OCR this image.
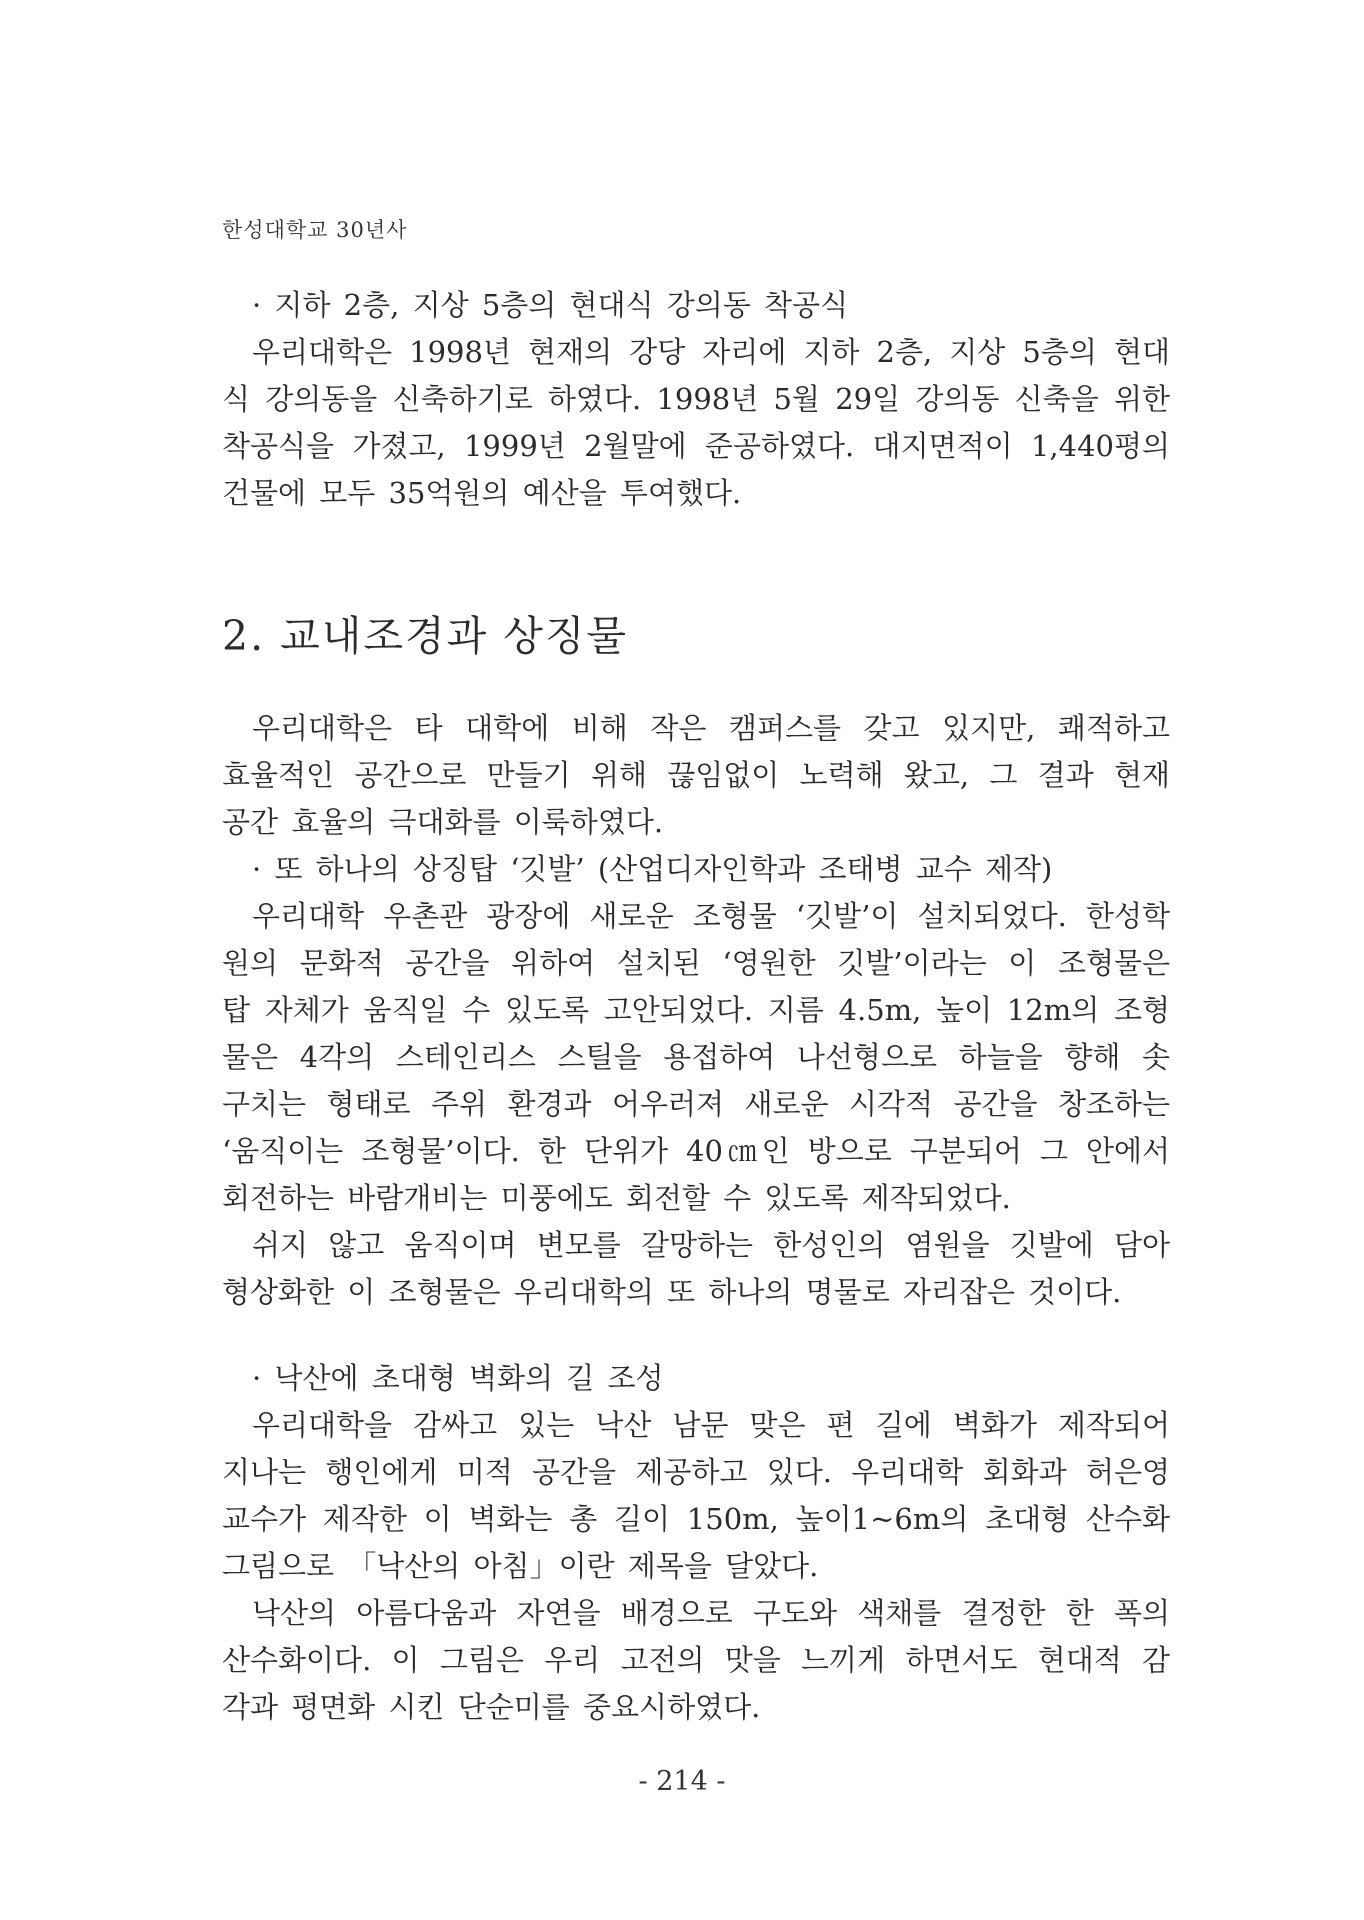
한성대학교 30년사
· 지하 2층, 지상 5층의 현대식 강의동 착공식
우리대학은 1998년 현재의 강당 자리에 지하 2층, 지상 5층의 현대
식 강의동을 신축하기로 하였다. 1998년 5월 29일 강의동 신축을 위한
착공식을 가졌고, 1999년 2월말에 준공하였다. 대지면적이 1,440평의
건물에 모두 35억원의 예산을 투여했다.
2. 교내조경과 상징물
우리대학은 타 대학에 비해 작은 캠퍼스를 갖고 있지만, 쾌적하고
효율적인 공간으로 만들기 위해 끊임없이 노력해 왔고, 그 결과 현재
공간 효율의 극대화를 이룩하였다.
· 또 하나의 상징탑 ‘깃발’ (산업디자인학과 조태병 교수 제작)
우리대학 우촌관 광장에 새로운 조형물 ‘깃발’이 설치되었다. 한성학
원의 문화적 공간을 위하여 설치된 ‘영원한 깃발’이라는 이 조형물은
탑 자체가 움직일 수 있도록 고안되었다. 지름 4.5m, 높이 12m의 조형
물은 4각의 스테인리스 스틸을 용접하여 나선형으로 하늘을 향해 솟
구치는 형태로 주위 환경과 어우러져 새로운 시각적 공간을 창조하는
‘움직이는 조형물’이다. 한 단위가 40㎝인 방으로 구분되어 그 안에서
회전하는 바람개비는 미풍에도 회전할 수 있도록 제작되었다.
쉬지 않고 움직이며 변모를 갈망하는 한성인의 염원을 깃발에 담아
형상화한 이 조형물은 우리대학의 또 하나의 명물로 자리잡은 것이다.
· 낙산에 초대형 벽화의 길 조성
우리대학을 감싸고 있는 낙산 남문 맞은 편 길에 벽화가 제작되어
지나는 행인에게 미적 공간을 제공하고 있다. 우리대학 회화과 허은영
교수가 제작한 이 벽화는 총 길이 150m, 높이1~6m의 초대형 산수화
그림으로 「낙산의 아침」이란 제목을 달았다.
낙산의 아름다움과 자연을 배경으로 구도와 색채를 결정한 한 폭의
산수화이다. 이 그림은 우리 고전의 맛을 느끼게 하면서도 현대적 감
각과 평면화 시킨 단순미를 중요시하였다.
- 214 -
